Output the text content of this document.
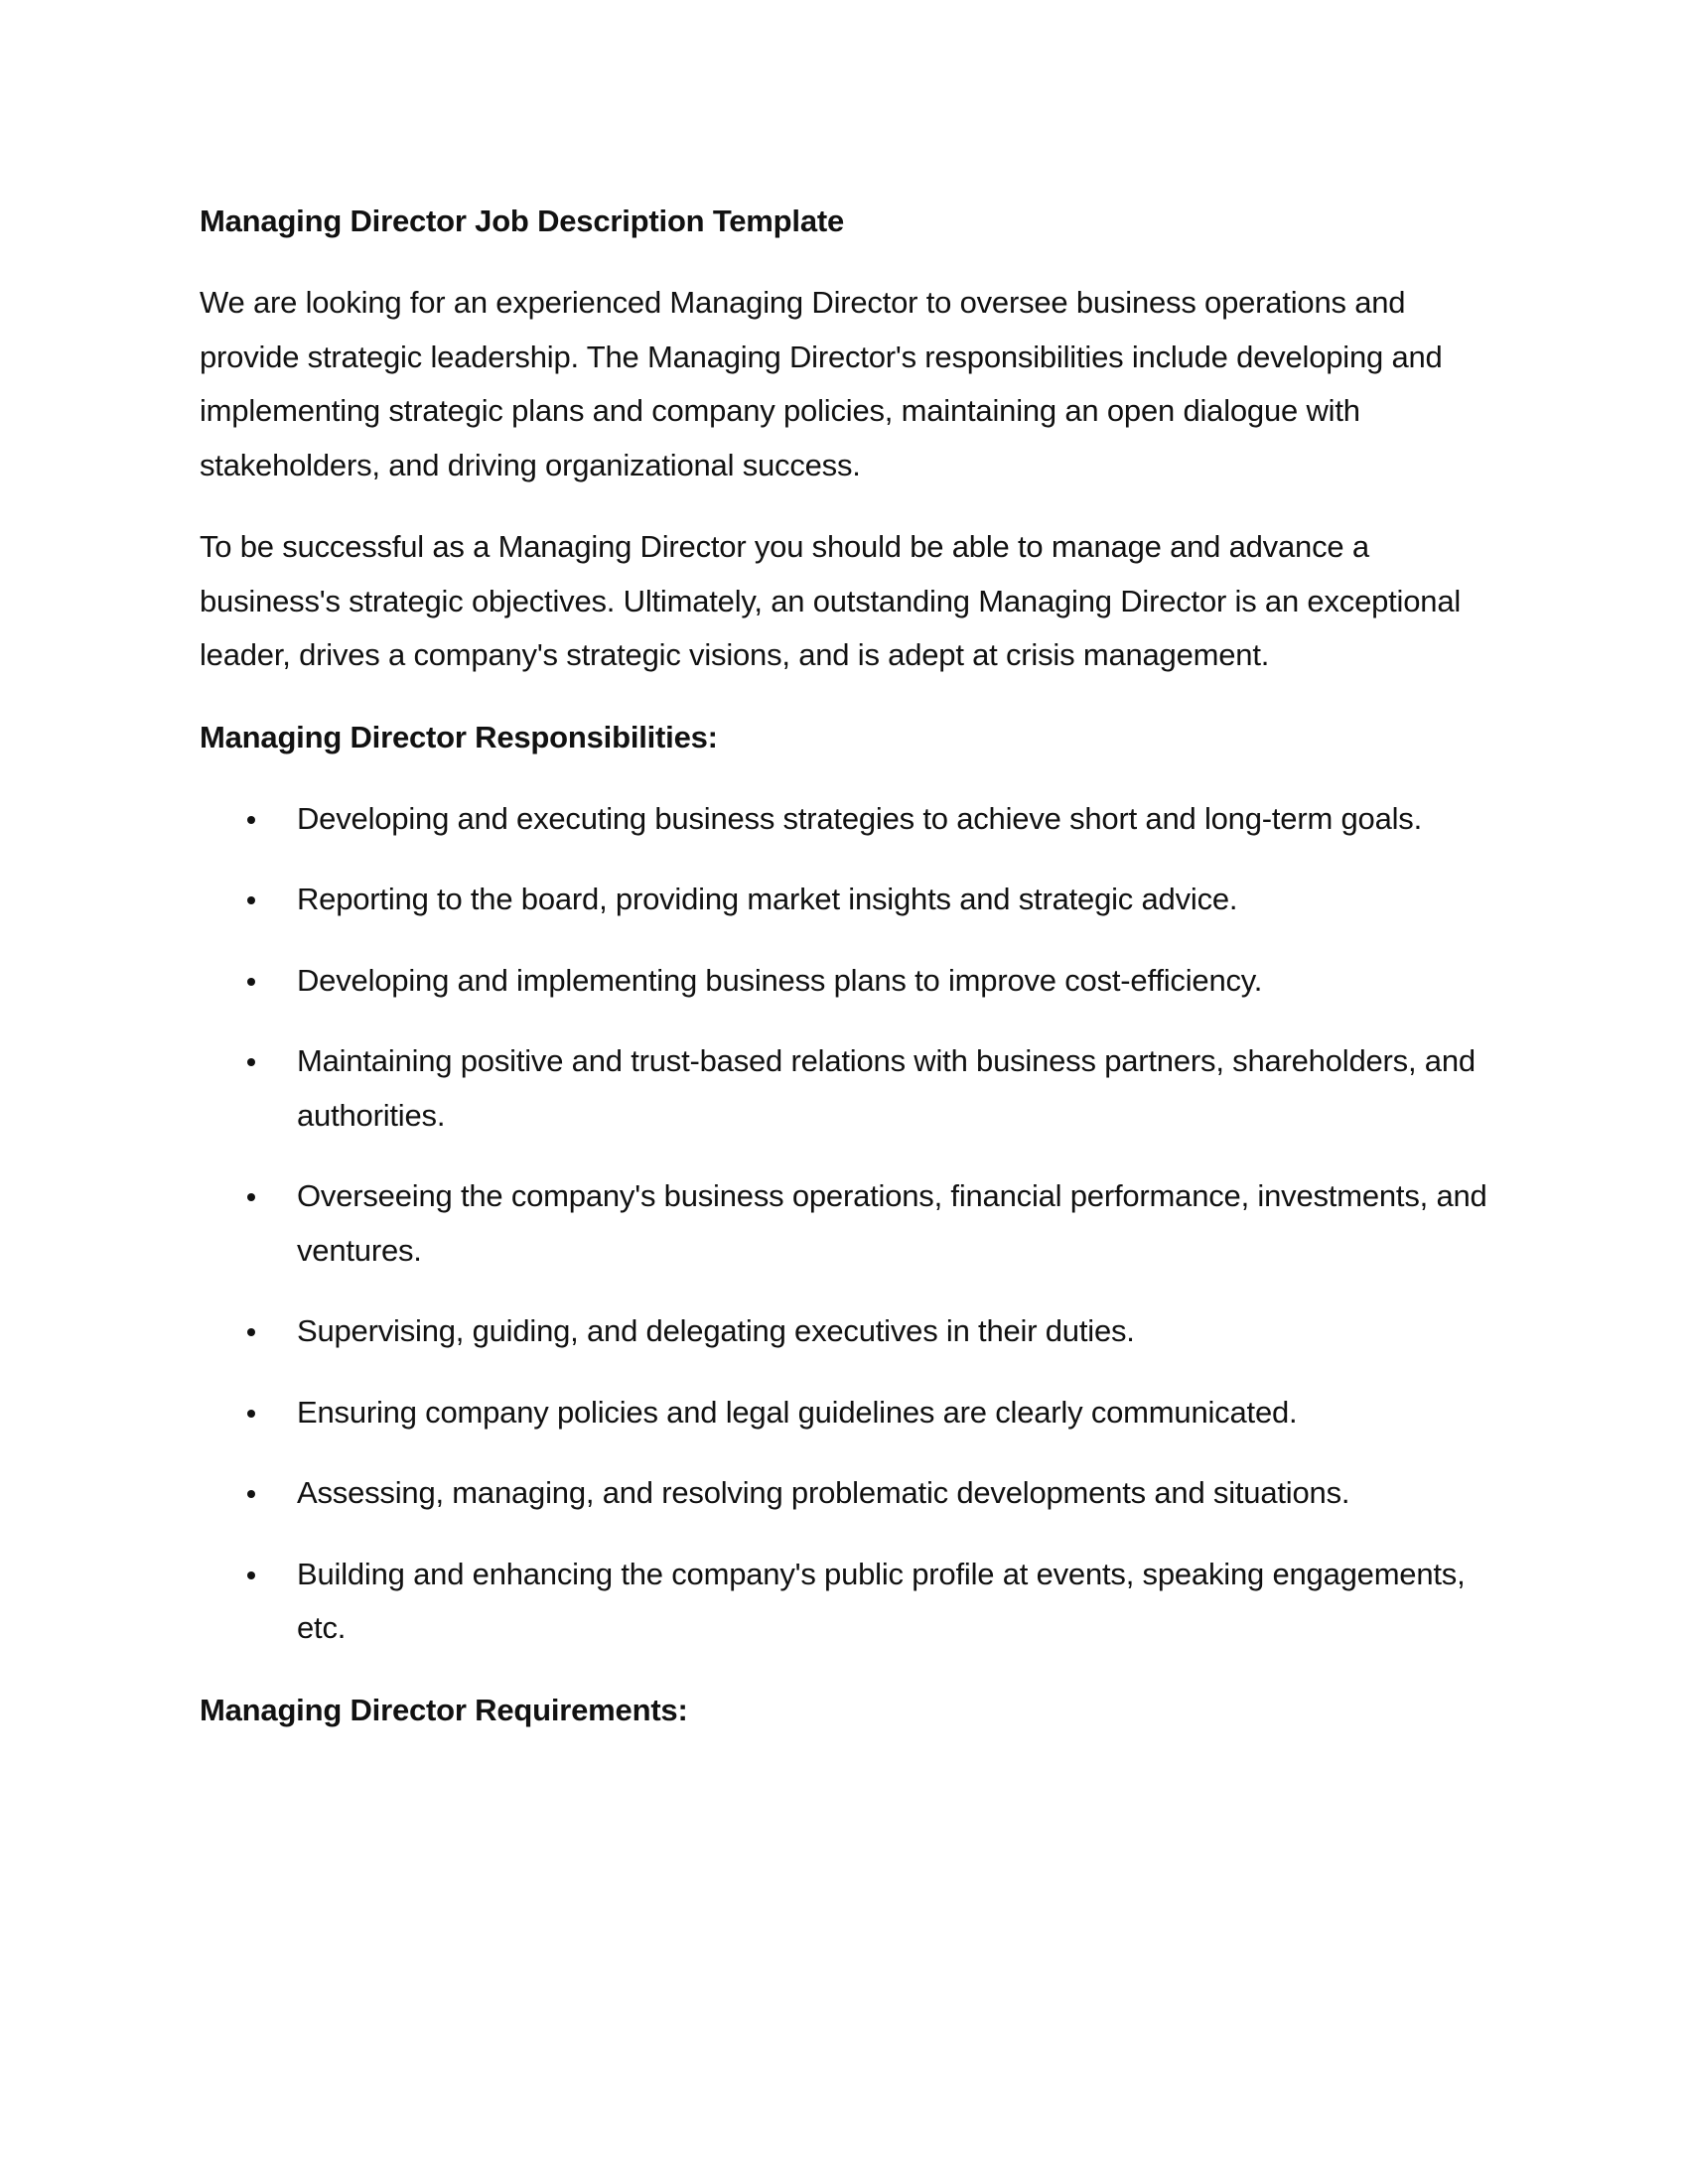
Managing Director Job Description Template
We are looking for an experienced Managing Director to oversee business operations and provide strategic leadership. The Managing Director's responsibilities include developing and implementing strategic plans and company policies, maintaining an open dialogue with stakeholders, and driving organizational success.
To be successful as a Managing Director you should be able to manage and advance a business's strategic objectives. Ultimately, an outstanding Managing Director is an exceptional leader, drives a company's strategic visions, and is adept at crisis management.
Managing Director Responsibilities:
Developing and executing business strategies to achieve short and long-term goals.
Reporting to the board, providing market insights and strategic advice.
Developing and implementing business plans to improve cost-efficiency.
Maintaining positive and trust-based relations with business partners, shareholders, and authorities.
Overseeing the company's business operations, financial performance, investments, and ventures.
Supervising, guiding, and delegating executives in their duties.
Ensuring company policies and legal guidelines are clearly communicated.
Assessing, managing, and resolving problematic developments and situations.
Building and enhancing the company's public profile at events, speaking engagements, etc.
Managing Director Requirements:
